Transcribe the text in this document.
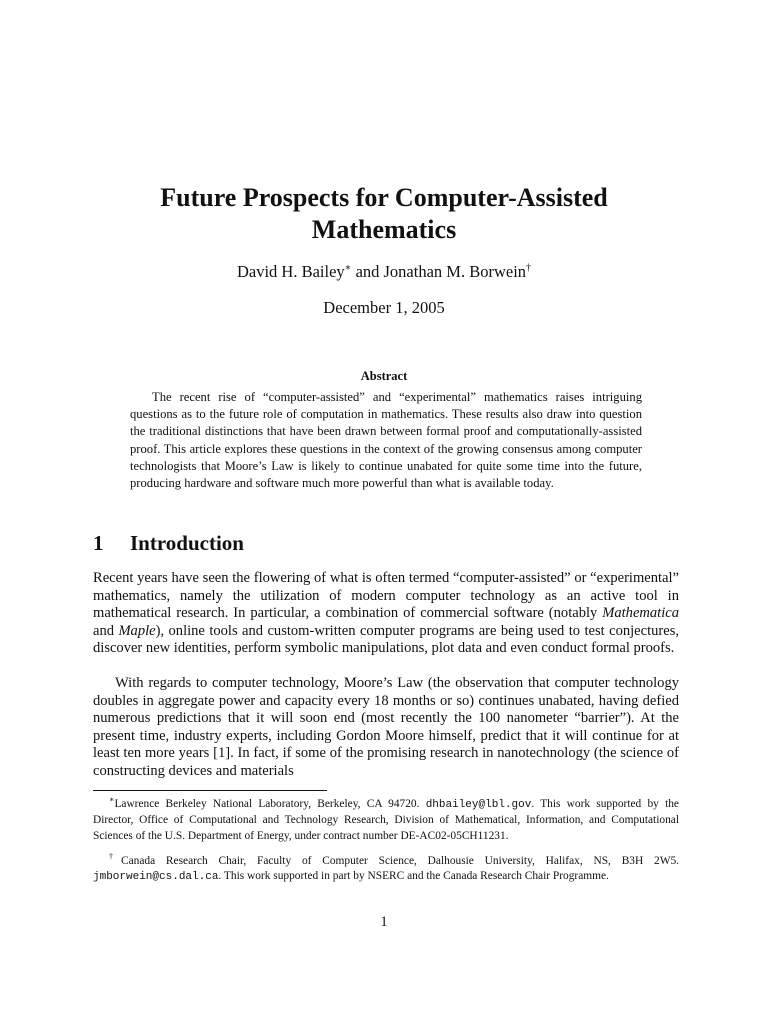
Future Prospects for Computer-Assisted
Mathematics
David H. Bailey∗ and Jonathan M. Borwein†
December 1, 2005
Abstract

The recent rise of “computer-assisted” and “experimental” mathematics raises intriguing questions as to the future role of computation in mathematics. These results also draw into question the traditional distinctions that have been drawn between formal proof and computationally-assisted proof. This article explores these questions in the context of the growing consensus among computer technologists that Moore’s Law is likely to continue unabated for quite some time into the future, producing hardware and software much more powerful than what is available today.

1 Introduction

Recent years have seen the flowering of what is often termed “computer-assisted” or “experimental” mathematics, namely the utilization of modern computer technology as an active tool in mathematical research. In particular, a combination of commercial software (notably Mathematica and Maple), online tools and custom-written computer programs are being used to test conjectures, discover new identities, perform symbolic manipulations, plot data and even conduct formal proofs.

With regards to computer technology, Moore’s Law (the observation that computer technology doubles in aggregate power and capacity every 18 months or so) continues unabated, having defied numerous predictions that it will soon end (most recently the 100 nanometer “barrier”). At the present time, industry experts, including Gordon Moore himself, predict that it will continue for at least ten more years [1]. In fact, if some of the promising research in nanotechnology (the science of constructing devices and materials

∗Lawrence Berkeley National Laboratory, Berkeley, CA 94720. dhbailey@lbl.gov. This work supported by the Director, Office of Computational and Technology Research, Division of Mathematical, Information, and Computational Sciences of the U.S. Department of Energy, under contract number DE-AC02-05CH11231.

†Canada Research Chair, Faculty of Computer Science, Dalhousie University, Halifax, NS, B3H 2W5. jmborwein@cs.dal.ca. This work supported in part by NSERC and the Canada Research Chair Programme.

1
